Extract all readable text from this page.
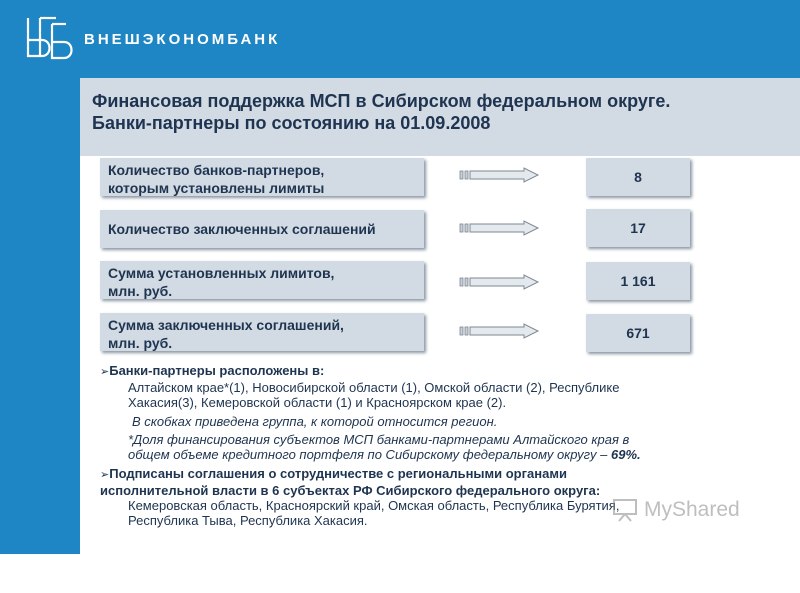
ВНЕШЭКОНОМБАНК
15
Финансовая поддержка МСП в Сибирском федеральном округе.
Банки-партнеры по состоянию на 01.09.2008
Количество банков-партнеров,
которым установлены лимиты
8
Количество заключенных соглашений	17
Сумма установленных лимитов,
млн. руб.
1 161
Сумма заключенных соглашений,
млн. руб.
671
➢Банки-партнеры расположены в:
Алтайском крае*(1), Новосибирской области (1), Омской области (2), Республике
Хакасия(3), Кемеровской области (1) и Красноярском крае (2).
В скобках приведена группа, к которой относится регион.
*Доля финансирования субъектов МСП банками-партнерами Алтайского края в
общем объеме кредитного портфеля по Сибирскому федеральному округу – 69%.
➢Подписаны соглашения о сотрудничестве с региональными органами
исполнительной власти в 6 субъектах РФ Сибирского федерального округа:
Кемеровская область, Красноярский край, Омская область, Республика Бурятия,
Республика Тыва, Республика Хакасия.	MyShared
